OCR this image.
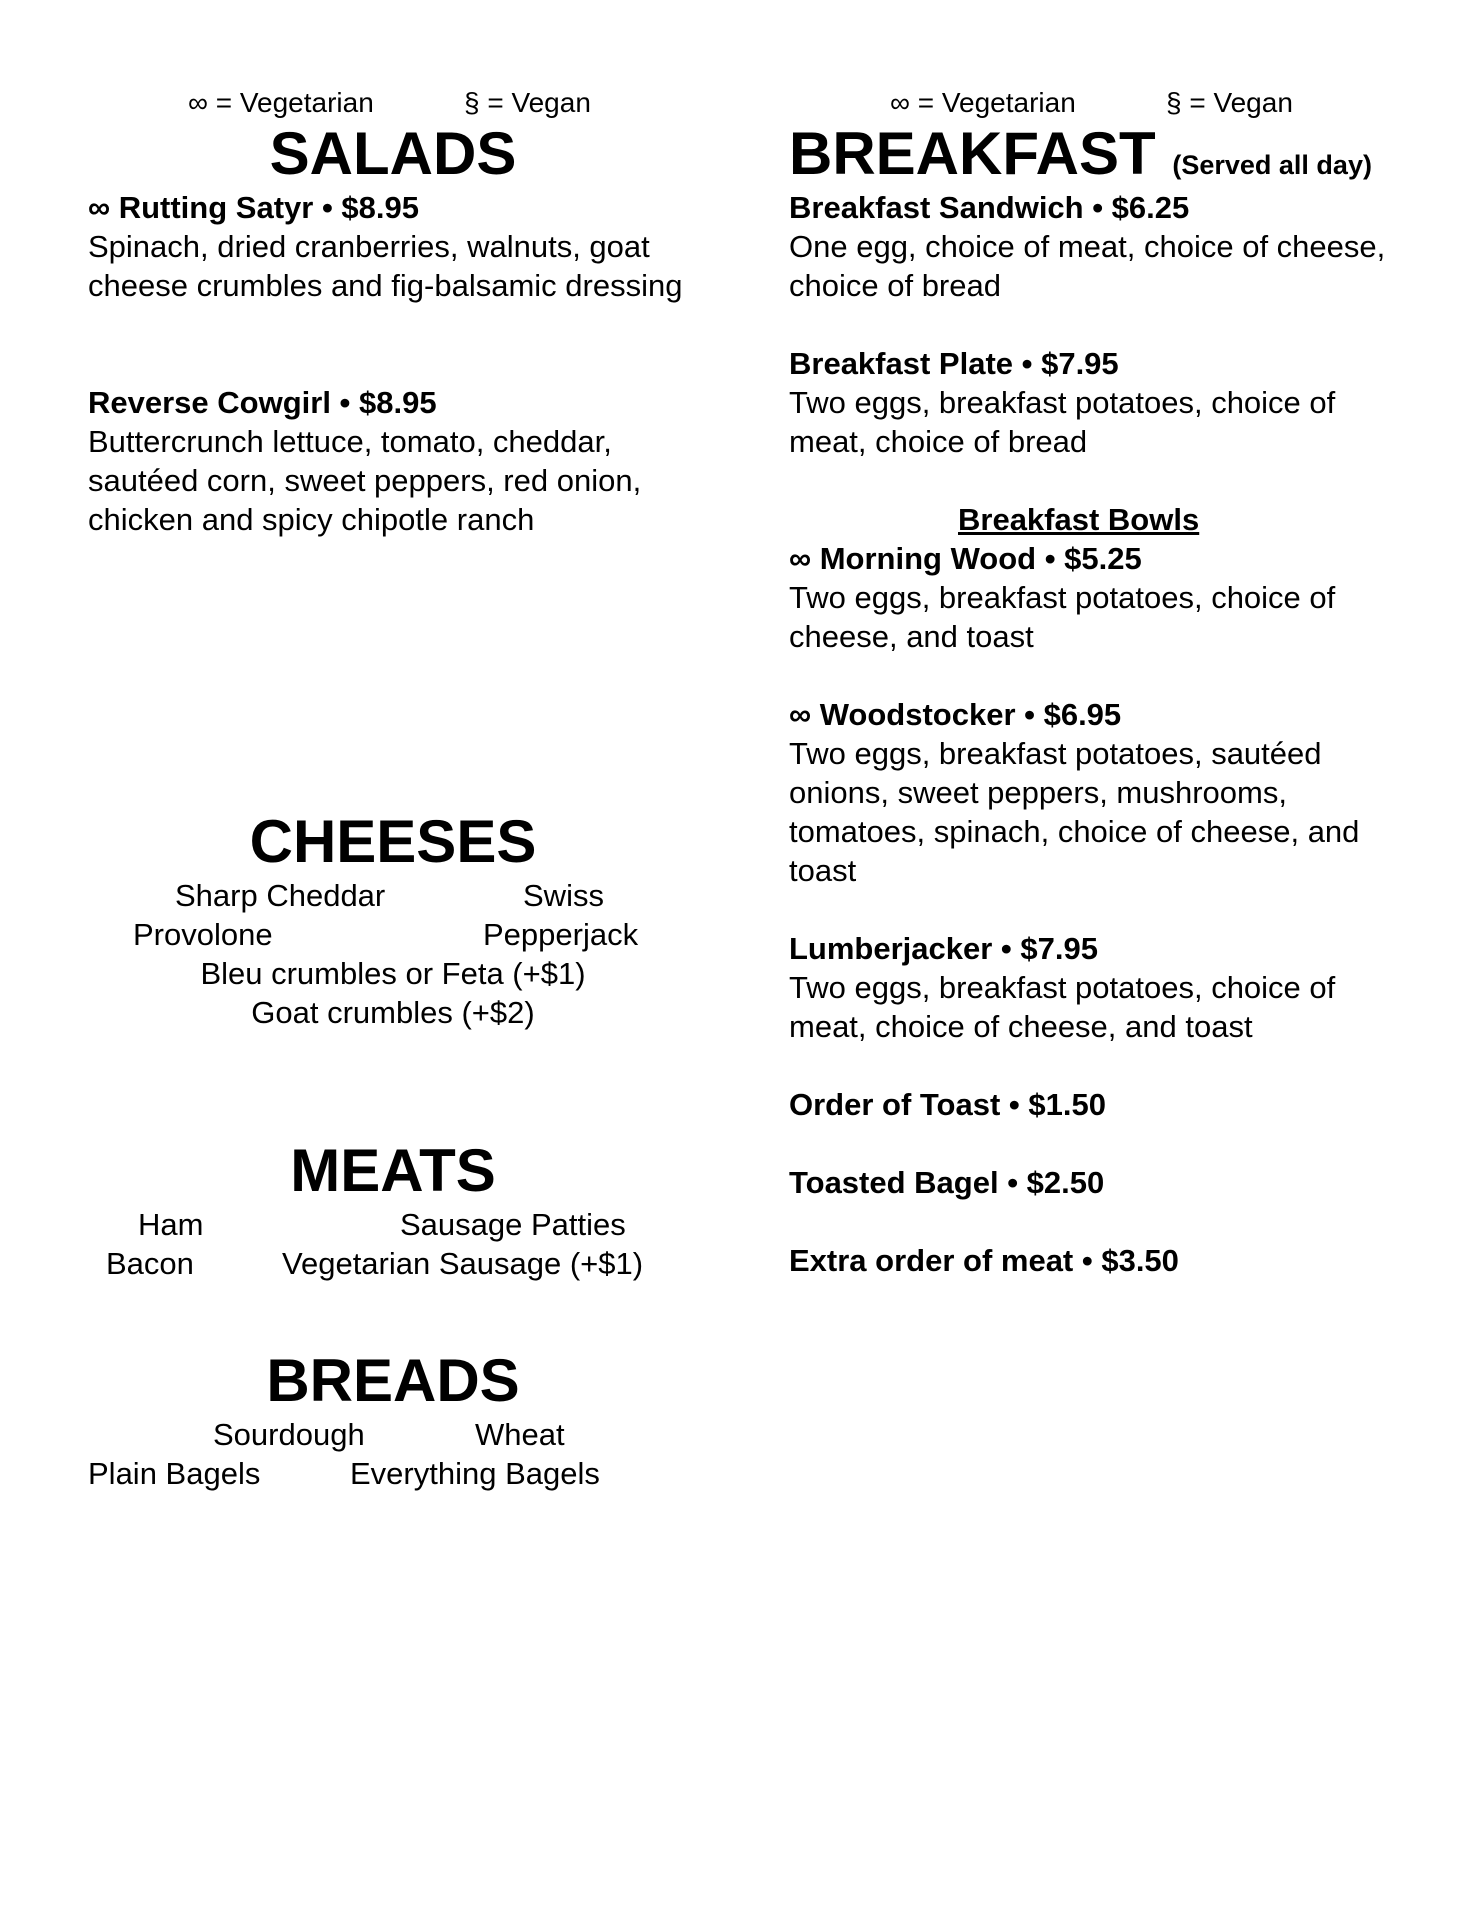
∞ = Vegetarian	§ = Vegan
SALADS
∞ Rutting Satyr • $8.95
Spinach, dried cranberries, walnuts, goat cheese crumbles and fig-balsamic dressing
Reverse Cowgirl • $8.95
Buttercrunch lettuce, tomato, cheddar, sautéed corn, sweet peppers, red onion, chicken and spicy chipotle ranch
CHEESES
Sharp Cheddar	Swiss
Provolone	Pepperjack
Bleu crumbles or Feta (+$1)
Goat crumbles (+$2)
MEATS
Ham	Sausage Patties
Bacon	Vegetarian Sausage (+$1)
BREADS
Sourdough	Wheat
Plain Bagels	Everything Bagels
∞ = Vegetarian	§ = Vegan
BREAKFAST (Served all day)
Breakfast Sandwich • $6.25
One egg, choice of meat, choice of cheese, choice of bread
Breakfast Plate • $7.95
Two eggs, breakfast potatoes, choice of meat, choice of bread
Breakfast Bowls
∞ Morning Wood • $5.25
Two eggs, breakfast potatoes, choice of cheese, and toast
∞ Woodstocker • $6.95
Two eggs, breakfast potatoes, sautéed onions, sweet peppers, mushrooms, tomatoes, spinach, choice of cheese, and toast
Lumberjacker • $7.95
Two eggs, breakfast potatoes, choice of meat, choice of cheese, and toast
Order of Toast • $1.50
Toasted Bagel • $2.50
Extra order of meat • $3.50
